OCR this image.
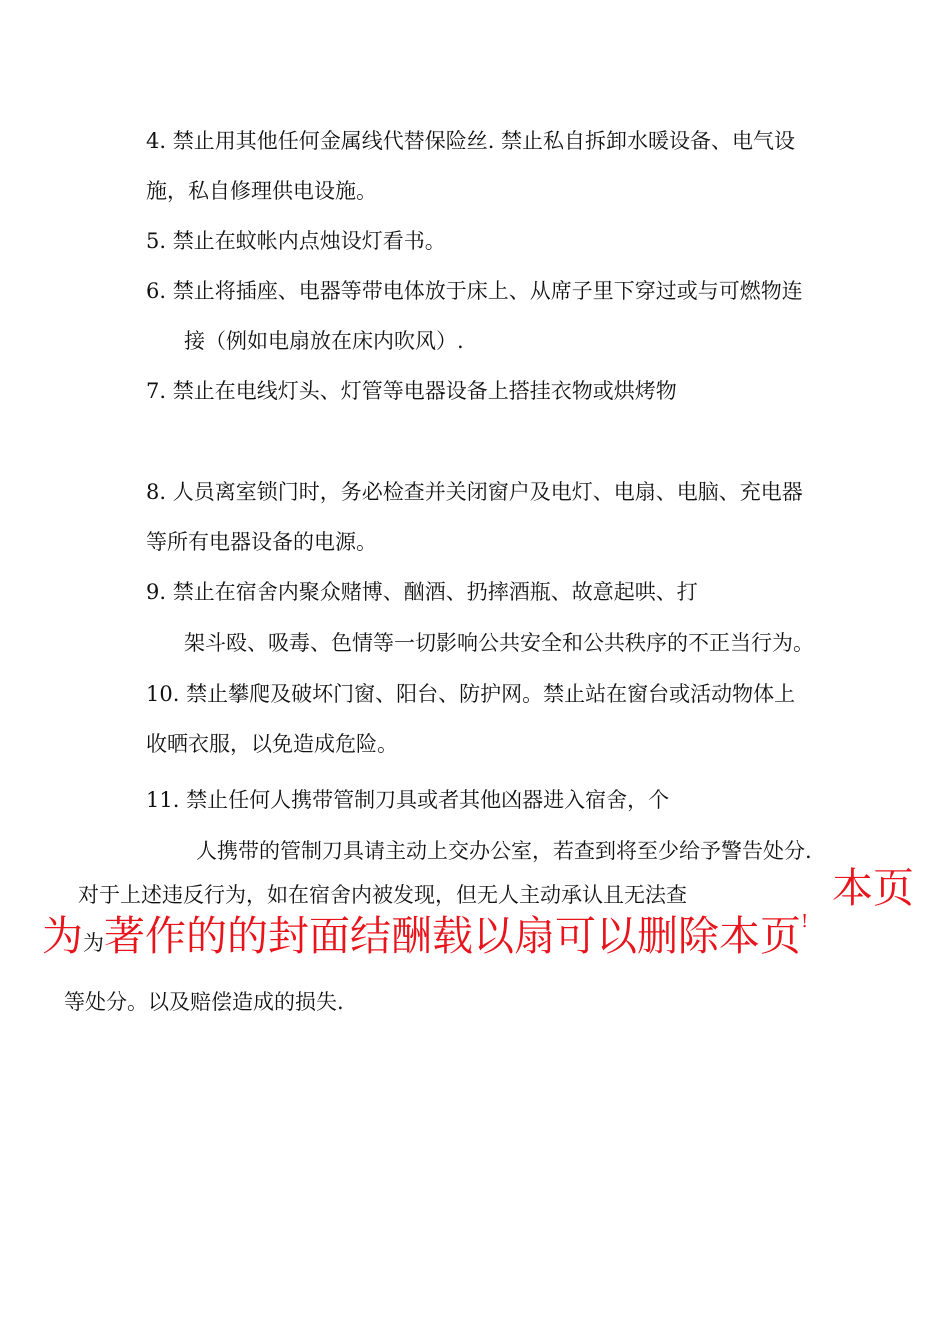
4. 禁止用其他任何金属线代替保险丝. 禁止私自拆卸水暖设备、电气设
施，私自修理供电设施。
5. 禁止在蚊帐内点烛设灯看书。
6. 禁止将插座、电器等带电体放于床上、从席子里下穿过或与可燃物连
接（例如电扇放在床内吹风）.
7. 禁止在电线灯头、灯管等电器设备上搭挂衣物或烘烤物
8. 人员离室锁门时，务必检查并关闭窗户及电灯、电扇、电脑、充电器
等所有电器设备的电源。
9. 禁止在宿舍内聚众赌博、酗酒、扔摔酒瓶、故意起哄、打
架斗殴、吸毒、色情等一切影响公共安全和公共秩序的不正当行为。
10. 禁止攀爬及破坏门窗、阳台、防护网。禁止站在窗台或活动物体上
收晒衣服，以免造成危险。
11. 禁止任何人携带管制刀具或者其他凶器进入宿舍，个
人携带的管制刀具请主动上交办公室，若查到将至少给予警告处分.
对于上述违反行为，如在宿舍内被发现，但无人主动承认且无法查	本页
为为著作的的封面结酬载以扇可以删除本页!
等处分。以及赔偿造成的损失.
